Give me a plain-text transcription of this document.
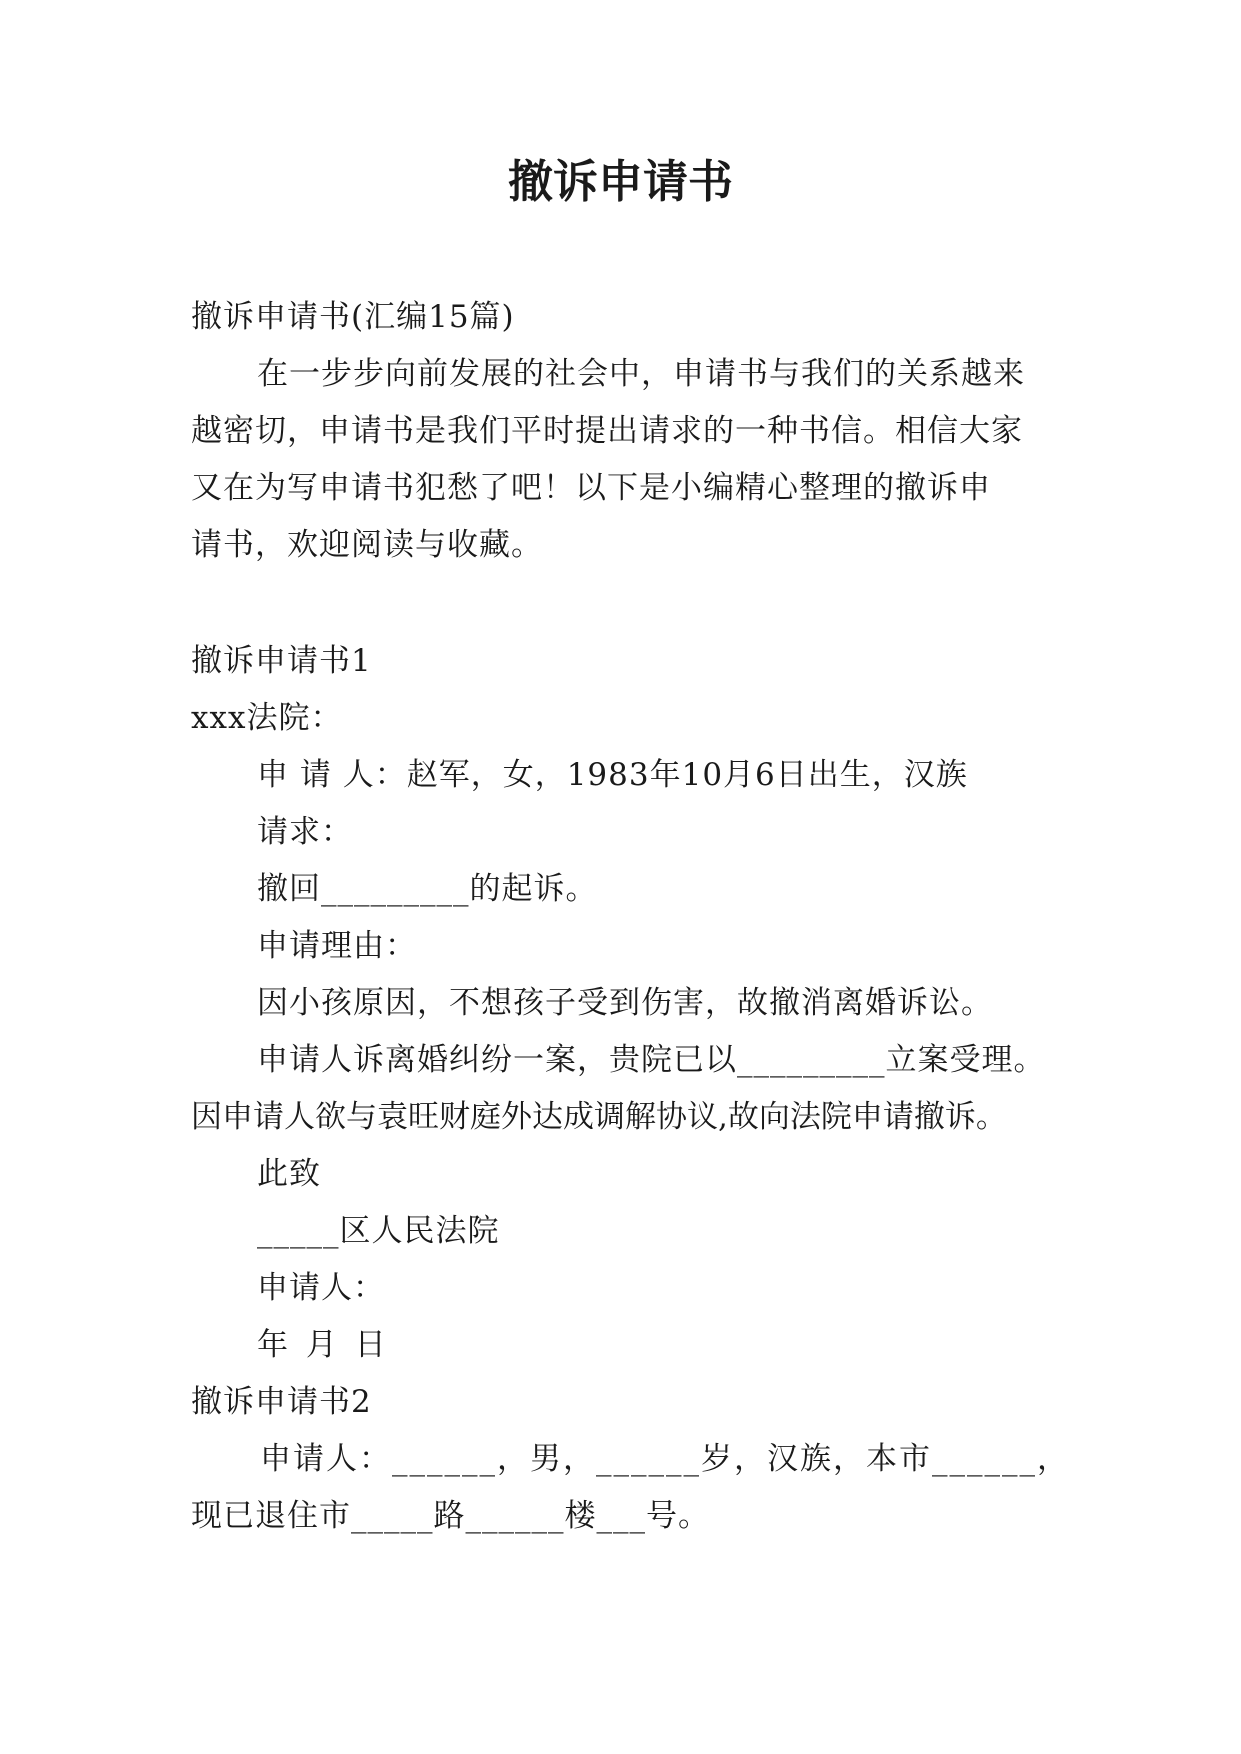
撤诉申请书
撤诉申请书(汇编15篇)
在一步步向前发展的社会中，申请书与我们的关系越来
越密切，申请书是我们平时提出请求的一种书信。相信大家
又在为写申请书犯愁了吧！以下是小编精心整理的撤诉申
请书，欢迎阅读与收藏。
撤诉申请书1
xxx法院：
申 请 人：赵军，女，1983年10月6日出生，汉族
请求：
撤回_________的起诉。
申请理由：
因小孩原因，不想孩子受到伤害，故撤消离婚诉讼。
申请人诉离婚纠纷一案，贵院已以_________立案受理。
因申请人欲与袁旺财庭外达成调解协议,故向法院申请撤诉。
此致
_____区人民法院
申请人：
年 月 日
撤诉申请书2
申请人：______，男，______岁，汉族，本市______，
现已退住市_____路______楼___号。
